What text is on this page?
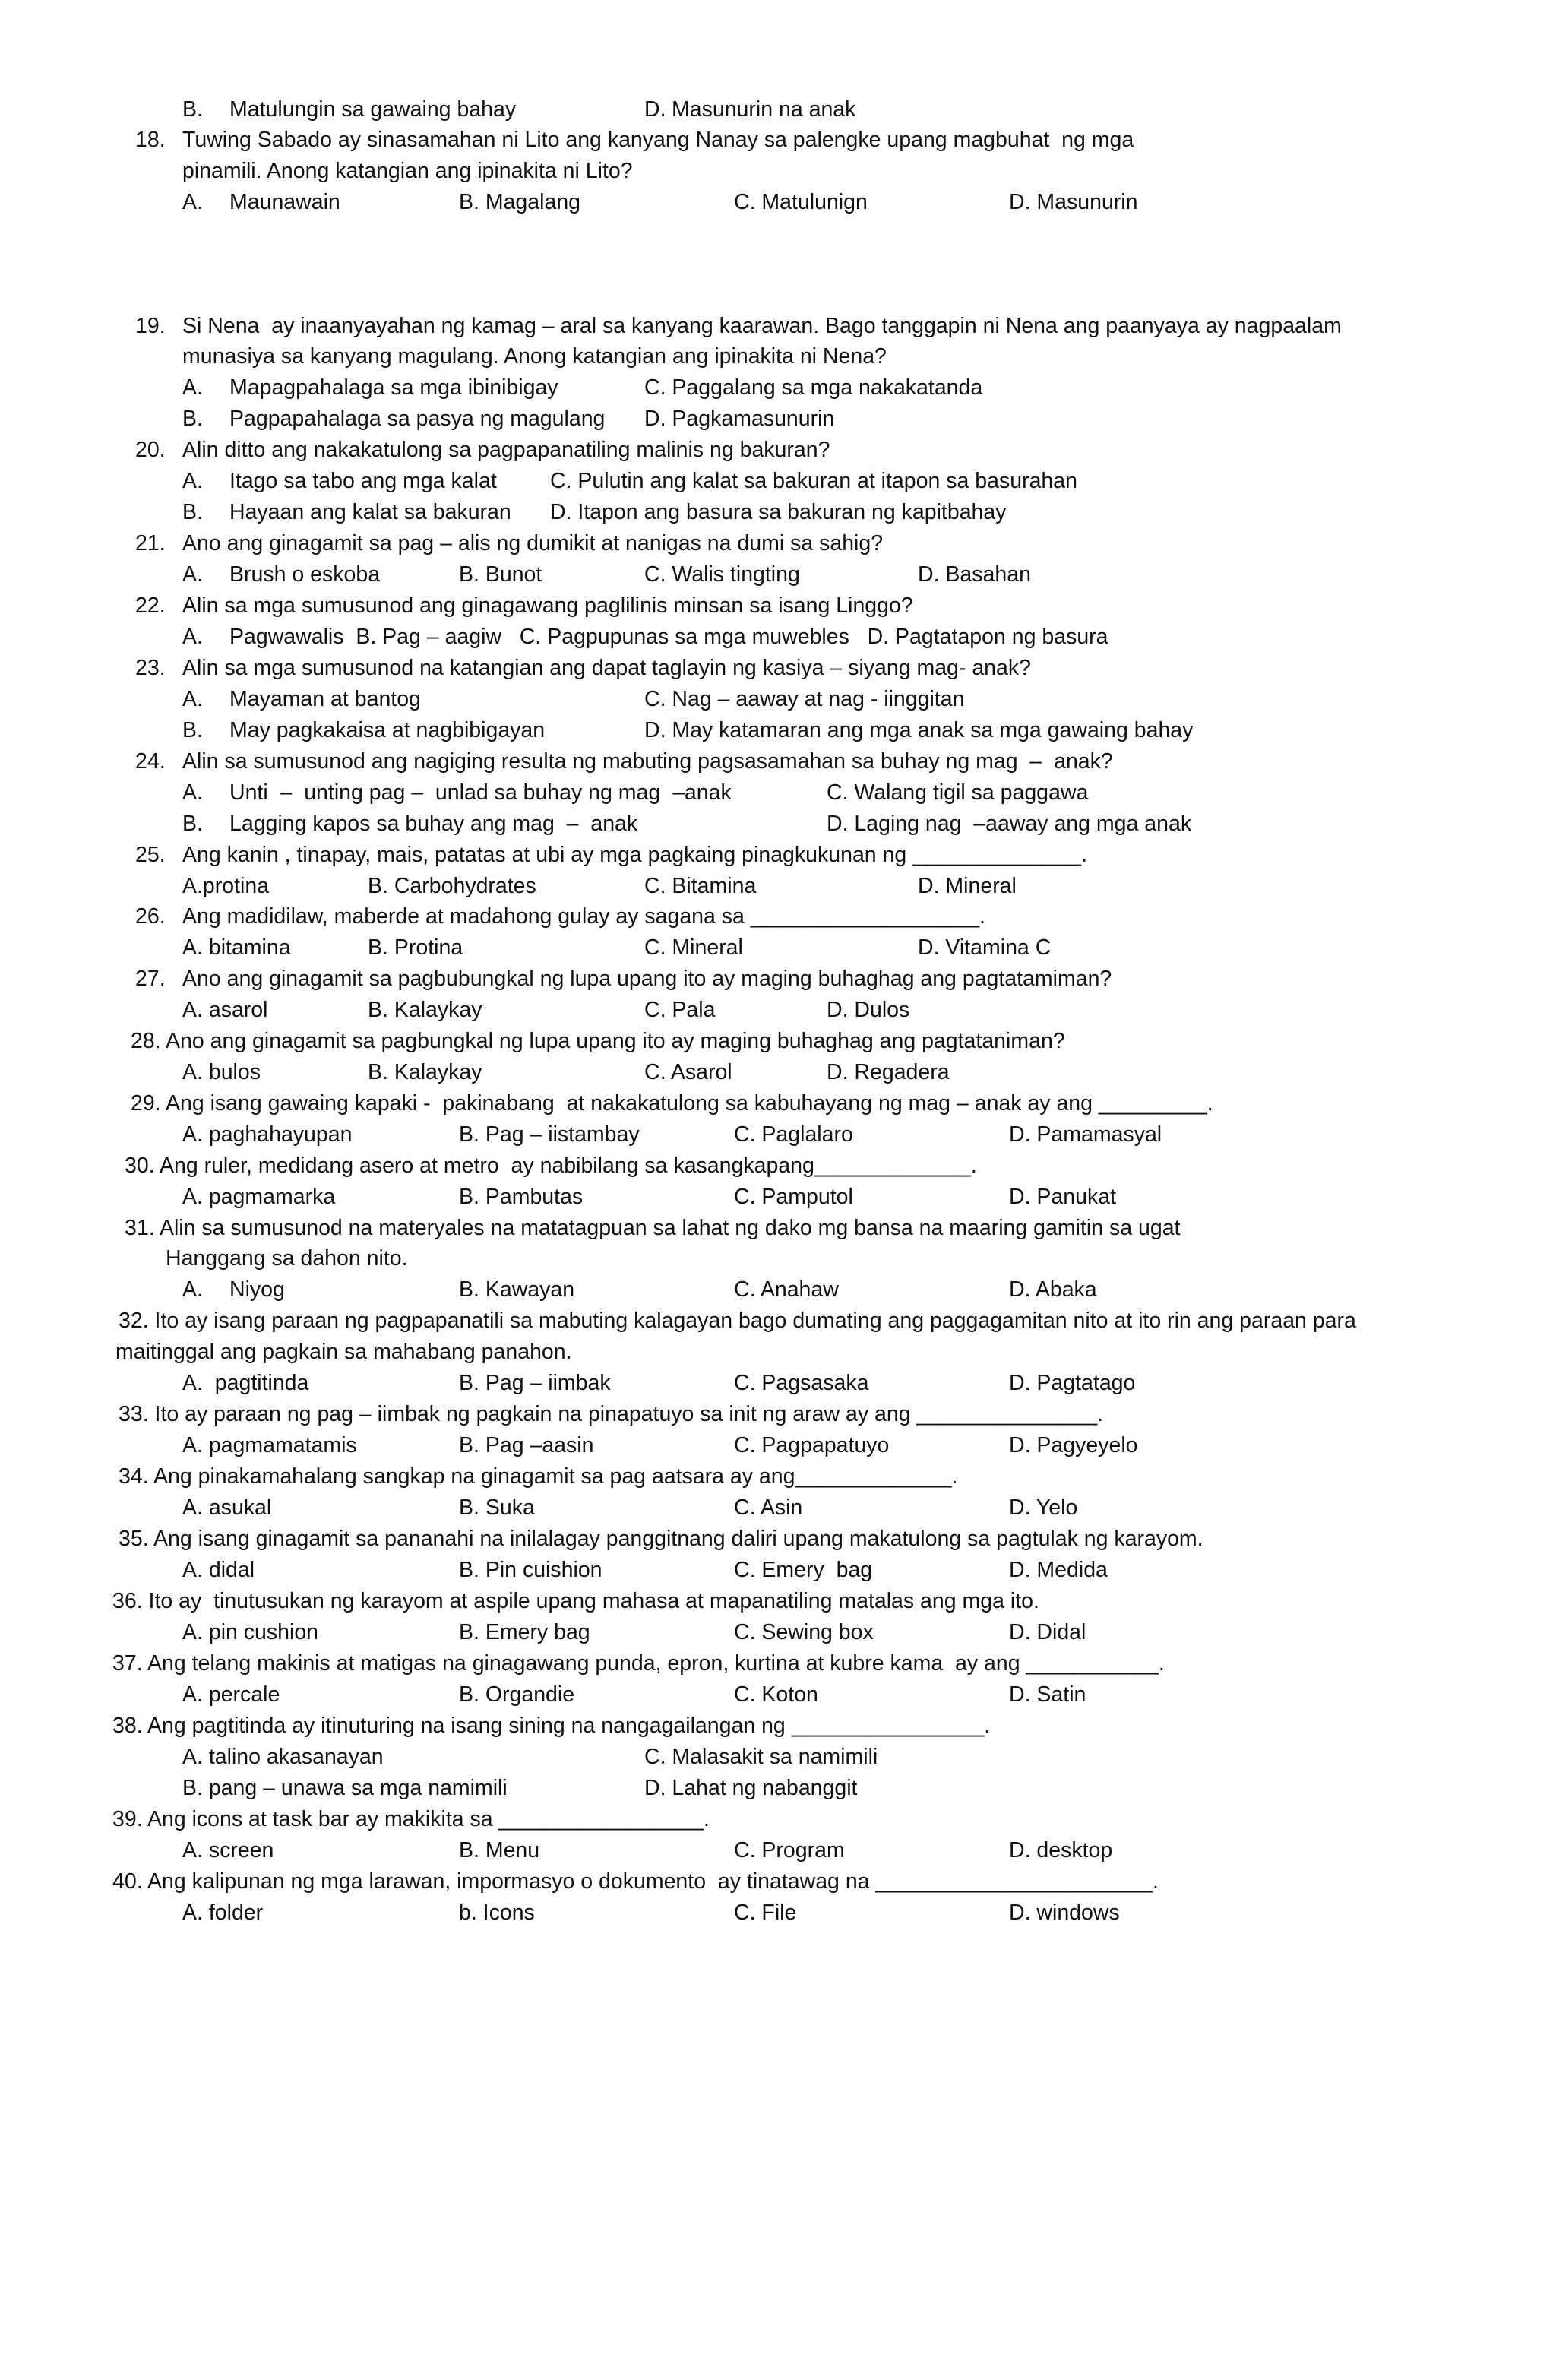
B. Matulungin sa gawaing bahay	D. Masunurin na anak
18. Tuwing Sabado ay sinasamahan ni Lito ang kanyang Nanay sa palengke upang magbuhat  ng mga
pinamili. Anong katangian ang ipinakita ni Lito?
A. Maunawain	B. Magalang	C. Matulunign	D. Masunurin
19. Si Nena  ay inaanyayahan ng kamag – aral sa kanyang kaarawan. Bago tanggapin ni Nena ang paanyaya ay nagpaalam
munasiya sa kanyang magulang. Anong katangian ang ipinakita ni Nena?
A. Mapagpahalaga sa mga ibinibigay	C. Paggalang sa mga nakakatanda
B. Pagpapahalaga sa pasya ng magulang D. Pagkamasunurin
20. Alin ditto ang nakakatulong sa pagpapanatiling malinis ng bakuran?
A. Itago sa tabo ang mga kalat C. Pulutin ang kalat sa bakuran at itapon sa basurahan
B. Hayaan ang kalat sa bakuran D. Itapon ang basura sa bakuran ng kapitbahay
21. Ano ang ginagamit sa pag – alis ng dumikit at nanigas na dumi sa sahig?
A. Brush o eskoba	B. Bunot	C. Walis tingting	D. Basahan
22. Alin sa mga sumusunod ang ginagawang paglilinis minsan sa isang Linggo?
A. Pagwawalis  B. Pag – aagiw   C. Pagpupunas sa mga muwebles   D. Pagtatapon ng basura
23. Alin sa mga sumusunod na katangian ang dapat taglayin ng kasiya – siyang mag- anak?
A. Mayaman at bantog	C. Nag – aaway at nag - iinggitan
B. May pagkakaisa at nagbibigayan	D. May katamaran ang mga anak sa mga gawaing bahay
24. Alin sa sumusunod ang nagiging resulta ng mabuting pagsasamahan sa buhay ng mag  –  anak?
A. Unti  –  unting pag –  unlad sa buhay ng mag  –anak	C. Walang tigil sa paggawa
B. Lagging kapos sa buhay ang mag  –  anak	D. Laging nag  –aaway ang mga anak
25. Ang kanin , tinapay, mais, patatas at ubi ay mga pagkaing pinagkukunan ng ______________.
A.protina	B. Carbohydrates	C. Bitamina	D. Mineral
26. Ang madidilaw, maberde at madahong gulay ay sagana sa ___________________.
A. bitamina	B. Protina	C. Mineral	D. Vitamina C
27. Ano ang ginagamit sa pagbubungkal ng lupa upang ito ay maging buhaghag ang pagtatamiman?
A. asarol	B. Kalaykay	C. Pala	D. Dulos
28. Ano ang ginagamit sa pagbungkal ng lupa upang ito ay maging buhaghag ang pagtataniman?
A. bulos	B. Kalaykay	C. Asarol	D. Regadera
29. Ang isang gawaing kapaki -  pakinabang  at nakakatulong sa kabuhayang ng mag – anak ay ang _________.
A. paghahayupan	B. Pag – iistambay	C. Paglalaro	D. Pamamasyal
30. Ang ruler, medidang asero at metro  ay nabibilang sa kasangkapang_____________.
A. pagmamarka	B. Pambutas	C. Pamputol	D. Panukat
31. Alin sa sumusunod na materyales na matatagpuan sa lahat ng dako mg bansa na maaring gamitin sa ugat
Hanggang sa dahon nito.
A. Niyog	B. Kawayan	C. Anahaw	D. Abaka
32. Ito ay isang paraan ng pagpapanatili sa mabuting kalagayan bago dumating ang paggagamitan nito at ito rin ang paraan para
maitinggal ang pagkain sa mahabang panahon.
A.  pagtitinda	B. Pag – iimbak	C. Pagsasaka	D. Pagtatago
33. Ito ay paraan ng pag – iimbak ng pagkain na pinapatuyo sa init ng araw ay ang _______________.
A. pagmamatamis	B. Pag –aasin	C. Pagpapatuyo	D. Pagyeyelo
34. Ang pinakamahalang sangkap na ginagamit sa pag aatsara ay ang_____________.
A. asukal	B. Suka	C. Asin	D. Yelo
35. Ang isang ginagamit sa pananahi na inilalagay panggitnang daliri upang makatulong sa pagtulak ng karayom.
A. didal	B. Pin cuishion	C. Emery  bag	D. Medida
36. Ito ay  tinutusukan ng karayom at aspile upang mahasa at mapanatiling matalas ang mga ito.
A. pin cushion	B. Emery bag	C. Sewing box	D. Didal
37. Ang telang makinis at matigas na ginagawang punda, epron, kurtina at kubre kama  ay ang ___________.
A. percale	B. Organdie	C. Koton	D. Satin
38. Ang pagtitinda ay itinuturing na isang sining na nangagailangan ng ________________.
A. talino akasanayan	C. Malasakit sa namimili
B. pang – unawa sa mga namimili	D. Lahat ng nabanggit
39. Ang icons at task bar ay makikita sa _________________.
A. screen	B. Menu	C. Program	D. desktop
40. Ang kalipunan ng mga larawan, impormasyo o dokumento  ay tinatawag na _______________________.
A. folder	b. Icons	C. File	D. windows
